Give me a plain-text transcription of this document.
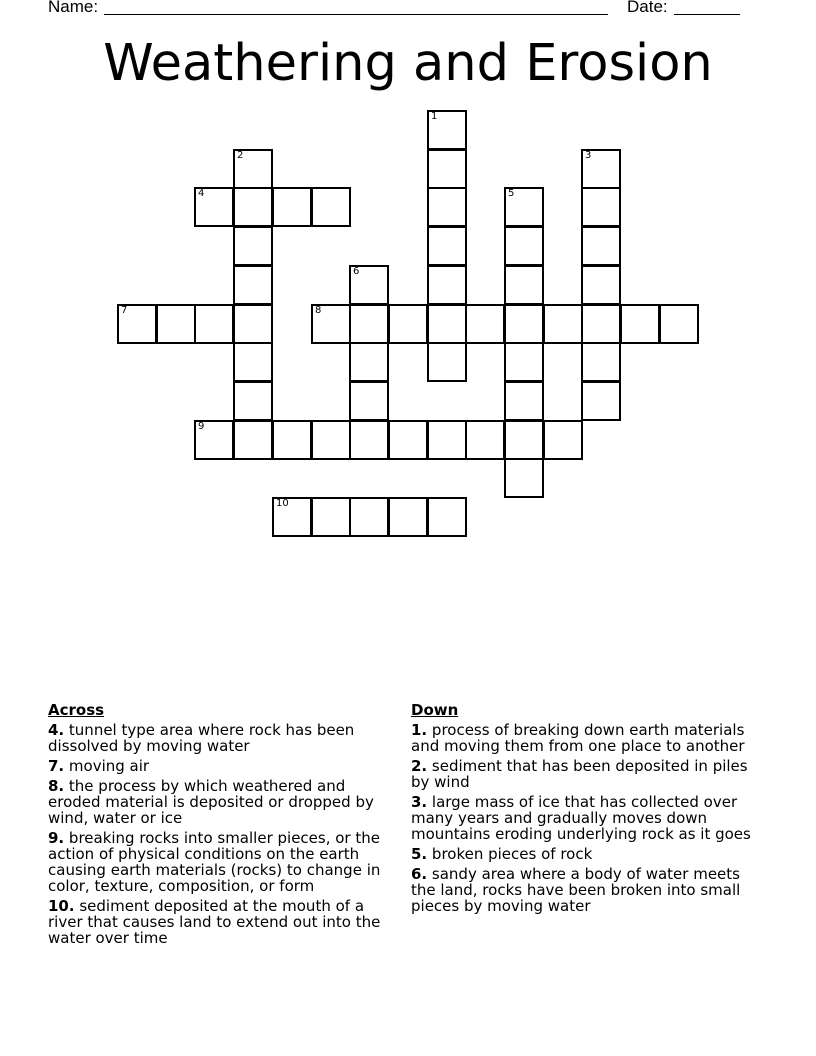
Name:	Date:
Weathering and Erosion
4
7	8
9
10
1
2	3
5
6
Across
4. tunnel type area where rock has been dissolved by moving water
7. moving air
8. the process by which weathered and eroded material is deposited or dropped by wind, water or ice
9. breaking rocks into smaller pieces, or the action of physical conditions on the earth causing earth materials (rocks) to change in color, texture, composition, or form
10. sediment deposited at the mouth of a river that causes land to extend out into the water over time
Down
1. process of breaking down earth materials and moving them from one place to another
2. sediment that has been deposited in piles by wind
3. large mass of ice that has collected over many years and gradually moves down mountains eroding underlying rock as it goes
5. broken pieces of rock
6. sandy area where a body of water meets the land, rocks have been broken into small pieces by moving water
